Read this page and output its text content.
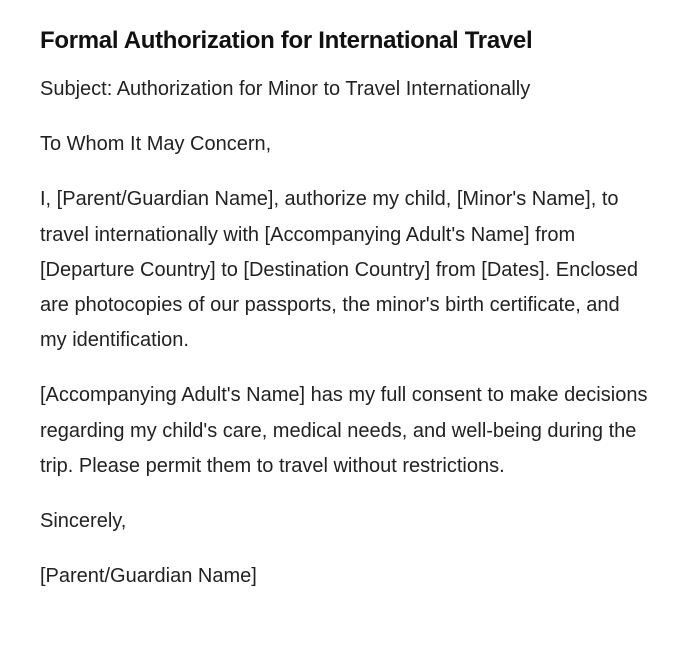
Formal Authorization for International Travel

Subject: Authorization for Minor to Travel Internationally

To Whom It May Concern,

I, [Parent/Guardian Name], authorize my child, [Minor's Name], to travel internationally with [Accompanying Adult's Name] from [Departure Country] to [Destination Country] from [Dates]. Enclosed are photocopies of our passports, the minor's birth certificate, and my identification.

[Accompanying Adult's Name] has my full consent to make decisions regarding my child's care, medical needs, and well-being during the trip. Please permit them to travel without restrictions.

Sincerely,

[Parent/Guardian Name]
